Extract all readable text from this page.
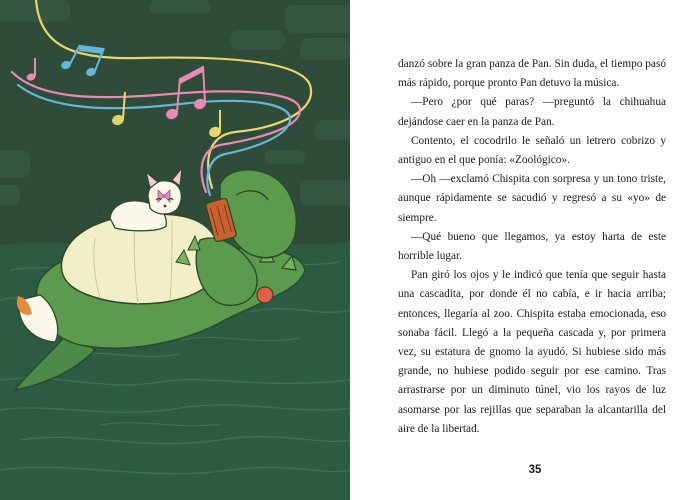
danzó sobre la gran panza de Pan. Sin duda, el tiempo pasó más rápido, porque pronto Pan detuvo la música.

—Pero ¿por qué paras? —preguntó la chihuahua dejándose caer en la panza de Pan.

Contento, el cocodrilo le señaló un letrero cobrizo y antiguo en el que ponía: «Zoológico».

—Oh —exclamó Chispita con sorpresa y un tono triste, aunque rápidamente se sacudió y regresó a su «yo» de siempre.

—Qué bueno que llegamos, ya estoy harta de este horrible lugar.

Pan giró los ojos y le indicó que tenía que seguir hasta una cascadita, por donde él no cabía, e ir hacia arriba; entonces, llegaría al zoo. Chispita estaba emocionada, eso sonaba fácil. Llegó a la pequeña cascada y, por primera vez, su estatura de gnomo la ayudó. Si hubiese sido más grande, no hubiese podido seguir por ese camino. Tras arrastrarse por un diminuto túnel, vio los rayos de luz asomarse por las rejillas que separaban la alcantarilla del aire de la libertad.

35
